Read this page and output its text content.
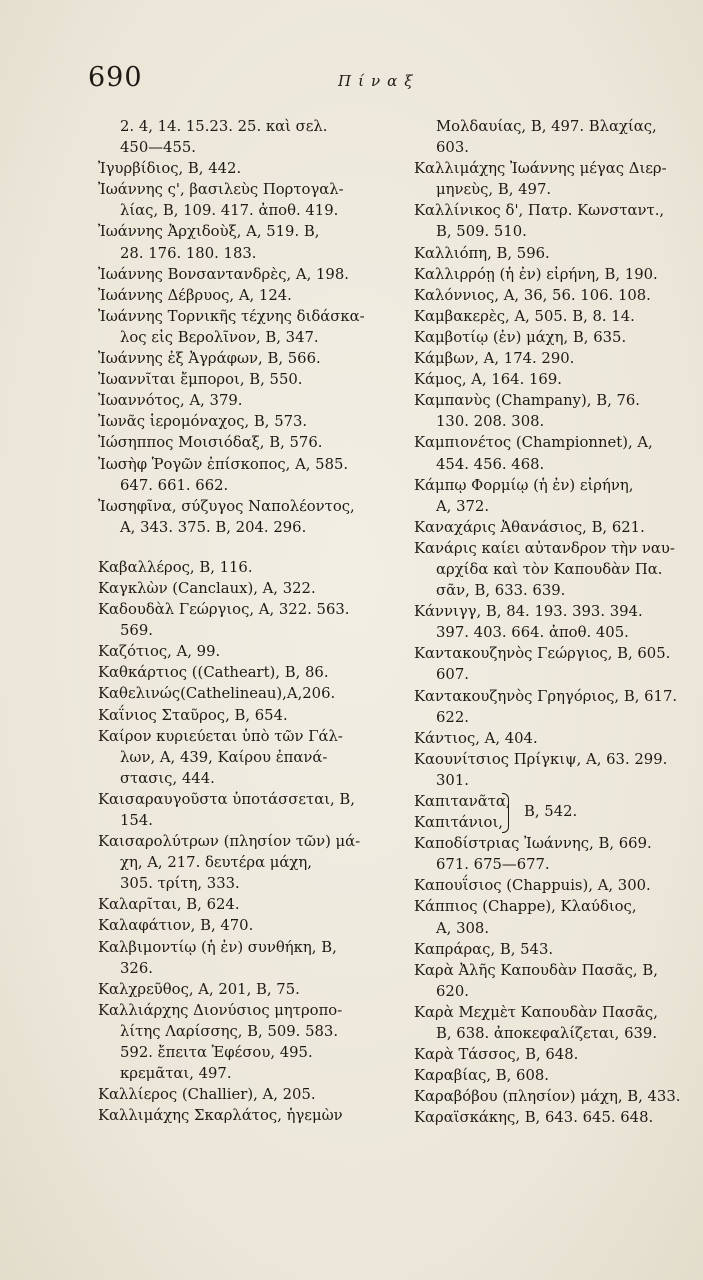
690	Πίναξ
2. 4, 14. 15.23. 25. καὶ σελ.
450—455.
Ἰγυρβίδιος, B, 442.
Ἰωάννης ς', βασιλεὺς Πορτογαλ-
λίας, B, 109. 417. ἀποθ. 419.
Ἰωάννης Ἀρχιδοὺξ, A, 519. B,
28. 176. 180. 183.
Ἰωάννης Βονσαντανδρὲς, A, 198.
Ἰωάννης Δέβρυος, A, 124.
Ἰωάννης Τορνικῆς τέχνης διδάσκα-
λος εἰς Βερολῖνον, B, 347.
Ἰωάννης ἐξ Ἀγράφων, B, 566.
Ἰωαννῖται ἔμποροι, B, 550.
Ἰωαννότος, A, 379.
Ἰωνᾶς ἱερομόναχος, B, 573.
Ἰώσηππος Μοισιόδαξ, B, 576.
Ἰωσὴφ Ῥογῶν ἐπίσκοπος, A, 585.
647. 661. 662.
Ἰωσηφῖνα, σύζυγος Ναπολέοντος,
A, 343. 375. B, 204. 296.
Καβαλλέρος, B, 116.
Καγκλὼν (Canclaux), A, 322.
Καδουδὰλ Γεώργιος, A, 322. 563.
569.
Καζότιος, A, 99.
Καθκάρτιος ((Catheart), B, 86.
Καθελινώς(Cathelineau),A,206.
Καΐνιος Σταῦρος, B, 654.
Καίρον κυριεύεται ὑπὸ τῶν Γάλ-
λων, A, 439, Καίρου ἐπανά-
στασις, 444.
Καισαραυγοῦστα ὑποτάσσεται, B,
154.
Καισαρολύτρων (πλησίον τῶν) μά-
χη, A, 217. δευτέρα μάχη,
305. τρίτη, 333.
Καλαρῖται, B, 624.
Καλαφάτιον, B, 470.
Καλβιμοντίῳ (ἡ ἐν) συνθήκη, B,
326.
Καλχρεῦθος, A, 201, B, 75.
Καλλιάρχης Διονύσιος μητροπο-
λίτης Λαρίσσης, B, 509. 583.
592. ἔπειτα Ἐφέσου, 495.
κρεμᾶται, 497.
Καλλίερος (Challier), A, 205.
Καλλιμάχης Σκαρλάτος, ἡγεμὼν
Μολδαυίας, B, 497. Βλαχίας,
603.
Καλλιμάχης Ἰωάννης μέγας Διερ-
μηνεὺς, B, 497.
Καλλίνικος δ', Πατρ. Κωνσταντ.,
B, 509. 510.
Καλλιόπη, B, 596.
Καλλιρρόῃ (ἡ ἐν) εἰρήνη, B, 190.
Καλόννιος, A, 36, 56. 106. 108.
Καμβακερὲς, A, 505. B, 8. 14.
Καμβοτίῳ (ἐν) μάχη, B, 635.
Κάμβων, A, 174. 290.
Κάμος, A, 164. 169.
Καμπανὺς (Champany), B, 76.
130. 208. 308.
Καμπιονέτος (Championnet), A,
454. 456. 468.
Κάμπῳ Φορμίῳ (ἡ ἐν) εἰρήνη,
A, 372.
Καναχάρις Ἀθανάσιος, B, 621.
Κανάρις καίει αὐτανδρον τὴν ναυ-
αρχίδα καὶ τὸν Καπουδὰν Πα.
σᾶν, B, 633. 639.
Κάννιγγ, B, 84. 193. 393. 394.
397. 403. 664. ἀποθ. 405.
Καντακουζηνὸς Γεώργιος, B, 605.
607.
Καντακουζηνὸς Γρηγόριος, B, 617.
622.
Κάντιος, A, 404.
Καουνίτσιος Πρίγκιψ, A, 63. 299.
301.
Καπιτανᾶτα,
Καπιτάνιοι,
B, 542.
Καποδίστριας Ἰωάννης, B, 669.
671. 675—677.
Καπουΐσιος (Chappuis), A, 300.
Κάππιος (Chappe), Κλαύδιος,
A, 308.
Καπράρας, B, 543.
Καρὰ Ἀλῆς Καπουδὰν Πασᾶς, B,
620.
Καρὰ Μεχμὲτ Καπουδὰν Πασᾶς,
B, 638. ἀποκεφαλίζεται, 639.
Καρὰ Τάσσος, B, 648.
Καραβίας, B, 608.
Καραβόβου (πλησίον) μάχη, B, 433.
Καραϊσκάκης, B, 643. 645. 648.
